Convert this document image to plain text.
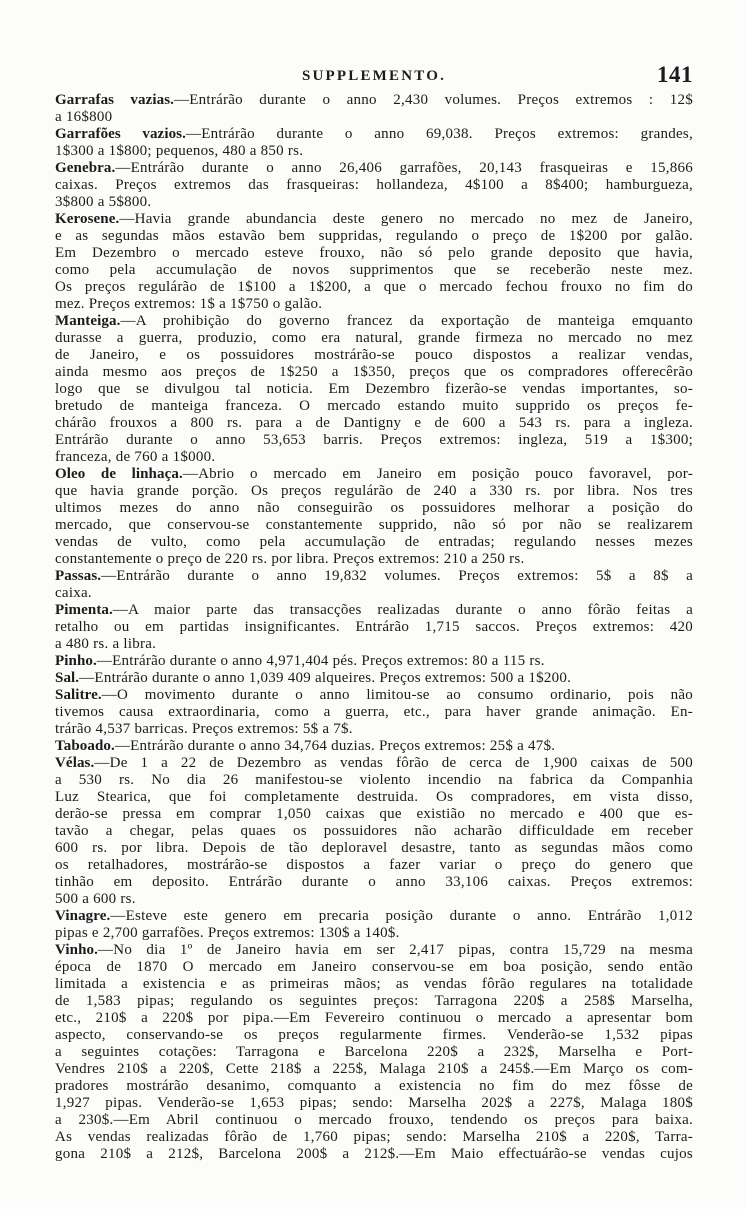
SUPPLEMENTO.	141
Garrafas vazias.—Entrárão durante o anno 2,430 volumes. Preços extremos : 12$
a 16$800
Garrafões vazios.—Entrárão durante o anno 69,038. Preços extremos: grandes,
1$300 a 1$800; pequenos, 480 a 850 rs.
Genebra.—Entrárão durante o anno 26,406 garrafões, 20,143 frasqueiras e 15,866
caixas. Preços extremos das frasqueiras: hollandeza, 4$100 a 8$400; hamburgueza,
3$800 a 5$800.
Kerosene.—Havia grande abundancia deste genero no mercado no mez de Janeiro,
e as segundas mãos estavão bem suppridas, regulando o preço de 1$200 por galão.
Em Dezembro o mercado esteve frouxo, não só pelo grande deposito que havia,
como pela accumulação de novos supprimentos que se receberão neste mez.
Os preços regulárão de 1$100 a 1$200, a que o mercado fechou frouxo no fim do
mez. Preços extremos: 1$ a 1$750 o galão.
Manteiga.—A prohibição do governo francez da exportação de manteiga emquanto
durasse a guerra, produzio, como era natural, grande firmeza no mercado no mez
de Janeiro, e os possuidores mostrárão-se pouco dispostos a realizar vendas,
ainda mesmo aos preços de 1$250 a 1$350, preços que os compradores offerecêrão
logo que se divulgou tal noticia. Em Dezembro fizerão-se vendas importantes, so-
bretudo de manteiga franceza. O mercado estando muito supprido os preços fe-
chárão frouxos a 800 rs. para a de Dantigny e de 600 a 543 rs. para a ingleza.
Entrárão durante o anno 53,653 barris. Preços extremos: ingleza, 519 a 1$300;
franceza, de 760 a 1$000.
Oleo de linhaça.—Abrio o mercado em Janeiro em posição pouco favoravel, por-
que havia grande porção. Os preços regulárão de 240 a 330 rs. por libra. Nos tres
ultimos mezes do anno não conseguirão os possuidores melhorar a posição do
mercado, que conservou-se constantemente supprido, não só por não se realizarem
vendas de vulto, como pela accumulação de entradas; regulando nesses mezes
constantemente o preço de 220 rs. por libra. Preços extremos: 210 a 250 rs.
Passas.—Entrárão durante o anno 19,832 volumes. Preços extremos: 5$ a 8$ a
caixa.
Pimenta.—A maior parte das transacções realizadas durante o anno fôrão feitas a
retalho ou em partidas insignificantes. Entrárão 1,715 saccos. Preços extremos: 420
a 480 rs. a libra.
Pinho.—Entrárão durante o anno 4,971,404 pés. Preços extremos: 80 a 115 rs.
Sal.—Entrárão durante o anno 1,039 409 alqueires. Preços extremos: 500 a 1$200.
Salitre.—O movimento durante o anno limitou-se ao consumo ordinario, pois não
tivemos causa extraordinaria, como a guerra, etc., para haver grande animação. En-
trárão 4,537 barricas. Preços extremos: 5$ a 7$.
Taboado.—Entrárão durante o anno 34,764 duzias. Preços extremos: 25$ a 47$.
Vélas.—De 1 a 22 de Dezembro as vendas fôrão de cerca de 1,900 caixas de 500
a 530 rs. No dia 26 manifestou-se violento incendio na fabrica da Companhia
Luz Stearica, que foi completamente destruida. Os compradores, em vista disso,
derão-se pressa em comprar 1,050 caixas que existião no mercado e 400 que es-
tavão a chegar, pelas quaes os possuidores não acharão difficuldade em receber
600 rs. por libra. Depois de tão deploravel desastre, tanto as segundas mãos como
os retalhadores, mostrárão-se dispostos a fazer variar o preço do genero que
tinhão em deposito. Entrárão durante o anno 33,106 caixas. Preços extremos:
500 a 600 rs.
Vinagre.—Esteve este genero em precaria posição durante o anno. Entrárão 1,012
pipas e 2,700 garrafões. Preços extremos: 130$ a 140$.
Vinho.—No dia 1º de Janeiro havia em ser 2,417 pipas, contra 15,729 na mesma
época de 1870 O mercado em Janeiro conservou-se em boa posição, sendo então
limitada a existencia e as primeiras mãos; as vendas fôrão regulares na totalidade
de 1,583 pipas; regulando os seguintes preços: Tarragona 220$ a 258$ Marselha,
etc., 210$ a 220$ por pipa.—Em Fevereiro continuou o mercado a apresentar bom
aspecto, conservando-se os preços regularmente firmes. Venderão-se 1,532 pipas
a seguintes cotações: Tarragona e Barcelona 220$ a 232$, Marselha e Port-
Vendres 210$ a 220$, Cette 218$ a 225$, Malaga 210$ a 245$.—Em Março os com-
pradores mostrárão desanimo, comquanto a existencia no fim do mez fôsse de
1,927 pipas. Venderão-se 1,653 pipas; sendo: Marselha 202$ a 227$, Malaga 180$
a 230$.—Em Abril continuou o mercado frouxo, tendendo os preços para baixa.
As vendas realizadas fôrão de 1,760 pipas; sendo: Marselha 210$ a 220$, Tarra-
gona 210$ a 212$, Barcelona 200$ a 212$.—Em Maio effectuárão-se vendas cujos
